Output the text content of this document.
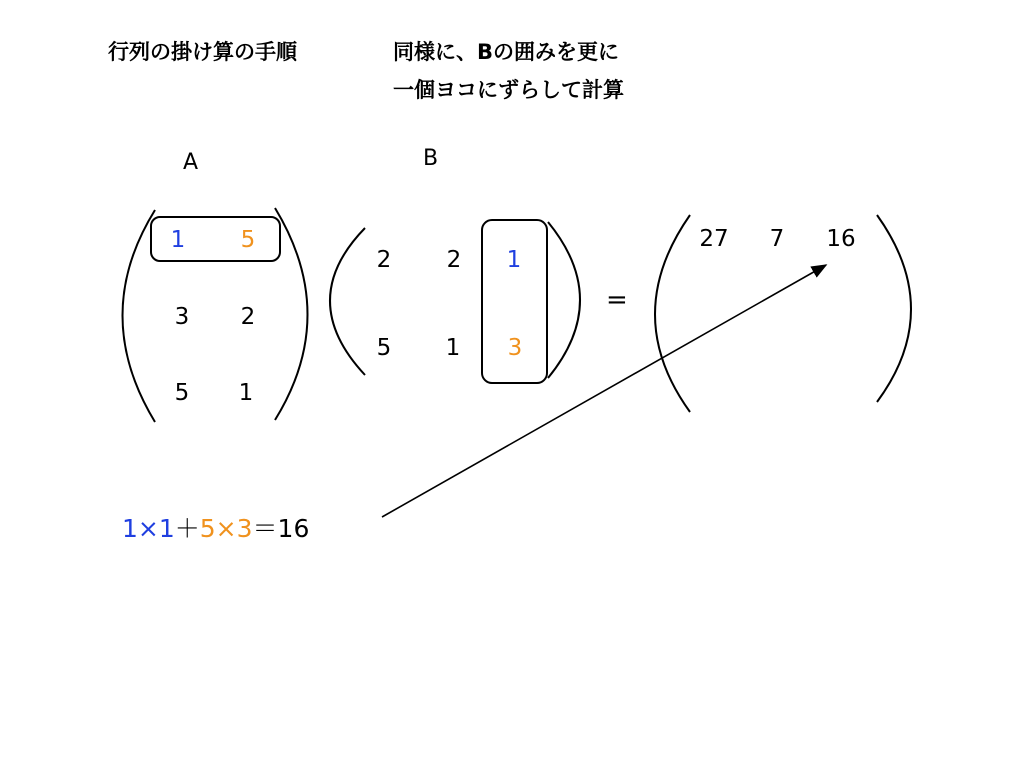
行列の掛け算の手順	同様に、Bの囲みを更に
一個ヨコにずらして計算
A	B
1 5
3 2
5 1
2 2 1
5 1 3
=
27 7 16
1×1＋5×3＝16
